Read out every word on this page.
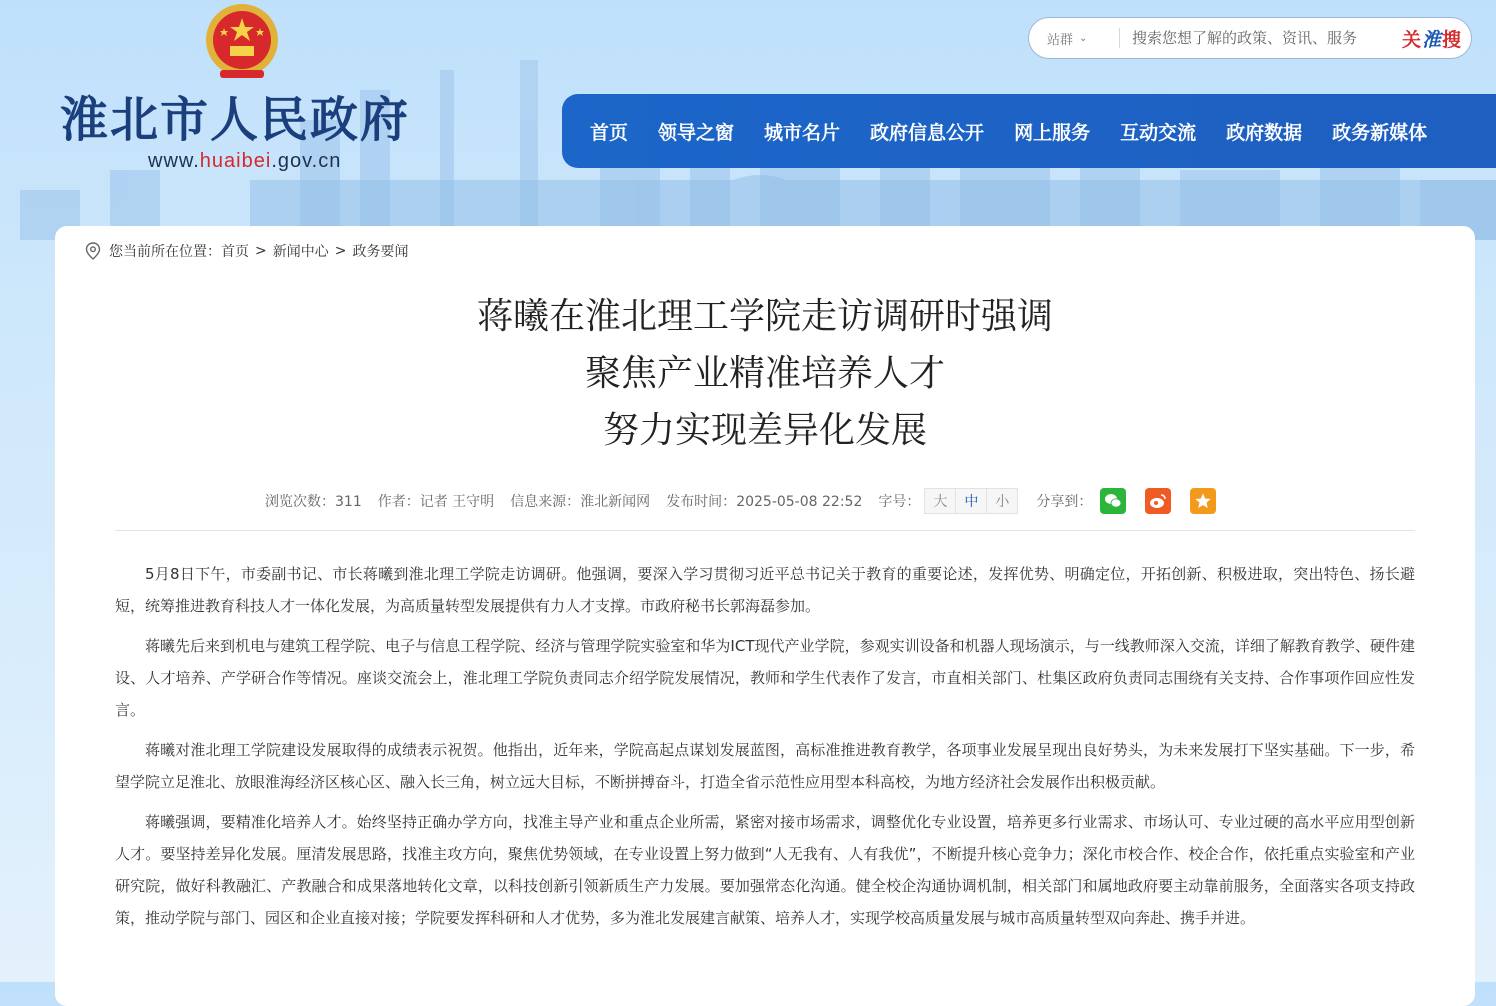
淮北市人民政府
www.huaibei.gov.cn
站群 ⌄
搜索您想了解的政策、资讯、服务	关淮搜
首页 领导之窗 城市名片 政府信息公开 网上服务 互动交流 政府数据 政务新媒体
您当前所在位置： 首页 > 新闻中心 > 政务要闻
蒋曦在淮北理工学院走访调研时强调
聚焦产业精准培养人才
努力实现差异化发展
浏览次数：311 作者：记者 王守明 信息来源：淮北新闻网 发布时间：2025-05-08 22:52 字号： 大	中	小	分享到：

5月8日下午，市委副书记、市长蒋曦到淮北理工学院走访调研。他强调，要深入学习贯彻习近平总书记关于教育的重要论述，发挥优势、明确定位，开拓创新、积极进取，突出特色、扬长避短，统筹推进教育科技人才一体化发展，为高质量转型发展提供有力人才支撑。市政府秘书长郭海磊参加。

蒋曦先后来到机电与建筑工程学院、电子与信息工程学院、经济与管理学院实验室和华为ICT现代产业学院，参观实训设备和机器人现场演示，与一线教师深入交流，详细了解教育教学、硬件建设、人才培养、产学研合作等情况。座谈交流会上，淮北理工学院负责同志介绍学院发展情况，教师和学生代表作了发言，市直相关部门、杜集区政府负责同志围绕有关支持、合作事项作回应性发言。

蒋曦对淮北理工学院建设发展取得的成绩表示祝贺。他指出，近年来，学院高起点谋划发展蓝图，高标准推进教育教学，各项事业发展呈现出良好势头，为未来发展打下坚实基础。下一步，希望学院立足淮北、放眼淮海经济区核心区、融入长三角，树立远大目标，不断拼搏奋斗，打造全省示范性应用型本科高校，为地方经济社会发展作出积极贡献。

蒋曦强调，要精准化培养人才。始终坚持正确办学方向，找准主导产业和重点企业所需，紧密对接市场需求，调整优化专业设置，培养更多行业需求、市场认可、专业过硬的高水平应用型创新人才。要坚持差异化发展。厘清发展思路，找准主攻方向，聚焦优势领域，在专业设置上努力做到“人无我有、人有我优”，不断提升核心竞争力；深化市校合作、校企合作，依托重点实验室和产业研究院，做好科教融汇、产教融合和成果落地转化文章，以科技创新引领新质生产力发展。要加强常态化沟通。健全校企沟通协调机制，相关部门和属地政府要主动靠前服务，全面落实各项支持政策，推动学院与部门、园区和企业直接对接；学院要发挥科研和人才优势，多为淮北发展建言献策、培养人才，实现学校高质量发展与城市高质量转型双向奔赴、携手并进。
